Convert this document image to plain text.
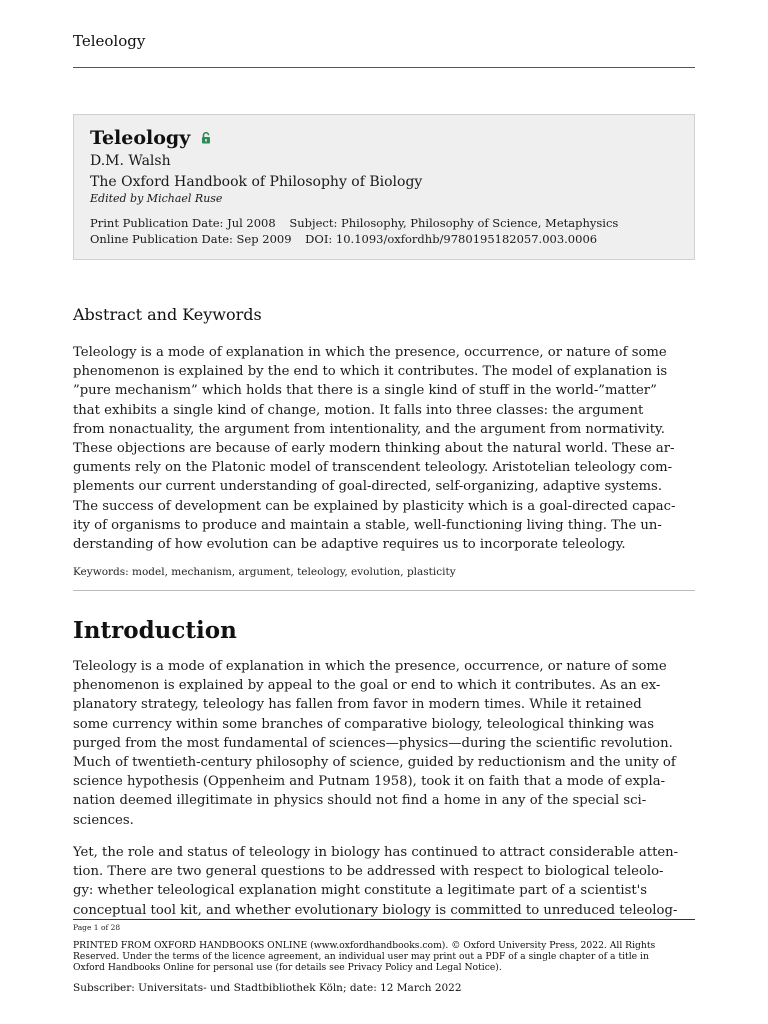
Teleology
Teleology
D.M. Walsh
The Oxford Handbook of Philosophy of Biology
Edited by Michael Ruse
Print Publication Date: Jul 2008 Subject: Philosophy, Philosophy of Science, Metaphysics
Online Publication Date: Sep 2009 DOI: 10.1093/oxfordhb/9780195182057.003.0006
Abstract and Keywords
Teleology is a mode of explanation in which the presence, occurrence, or nature of some
phenomenon is explained by the end to which it contributes. The model of explanation is
”pure mechanism” which holds that there is a single kind of stuff in the world-”matter”
that exhibits a single kind of change, motion. It falls into three classes: the argument
from nonactuality, the argument from intentionality, and the argument from normativity.
These objections are because of early modern thinking about the natural world. These ar-
guments rely on the Platonic model of transcendent teleology. Aristotelian teleology com-
plements our current understanding of goal-directed, self-organizing, adaptive systems.
The success of development can be explained by plasticity which is a goal-directed capac-
ity of organisms to produce and maintain a stable, well-functioning living thing. The un-
derstanding of how evolution can be adaptive requires us to incorporate teleology.
Keywords: model, mechanism, argument, teleology, evolution, plasticity
Introduction
Teleology is a mode of explanation in which the presence, occurrence, or nature of some
phenomenon is explained by appeal to the goal or end to which it contributes. As an ex-
planatory strategy, teleology has fallen from favor in modern times. While it retained
some currency within some branches of comparative biology, teleological thinking was
purged from the most fundamental of sciences—physics—during the scientific revolution.
Much of twentieth-century philosophy of science, guided by reductionism and the unity of
science hypothesis (Oppenheim and Putnam 1958), took it on faith that a mode of expla-
nation deemed illegitimate in physics should not find a home in any of the special sci-
sciences.
Yet, the role and status of teleology in biology has continued to attract considerable atten-
tion. There are two general questions to be addressed with respect to biological teleolo-
gy: whether teleological explanation might constitute a legitimate part of a scientist's
conceptual tool kit, and whether evolutionary biology is committed to unreduced teleolog-
Page 1 of 28
PRINTED FROM OXFORD HANDBOOKS ONLINE (www.oxfordhandbooks.com). © Oxford University Press, 2022. All Rights
Reserved. Under the terms of the licence agreement, an individual user may print out a PDF of a single chapter of a title in
Oxford Handbooks Online for personal use (for details see Privacy Policy and Legal Notice).
Subscriber: Universitats- und Stadtbibliothek Köln; date: 12 March 2022
